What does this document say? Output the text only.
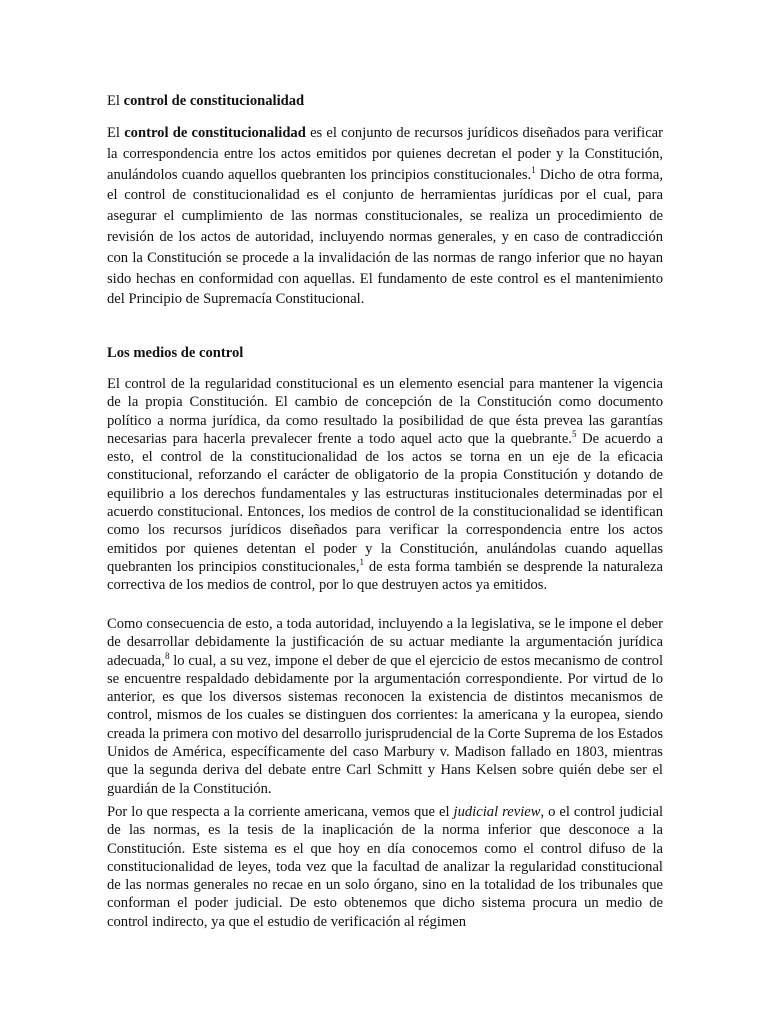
El control de constitucionalidad

El control de constitucionalidad es el conjunto de recursos jurídicos diseñados para verificar la correspondencia entre los actos emitidos por quienes decretan el poder y la Constitución, anulándolos cuando aquellos quebranten los principios constitucionales.$^1$ Dicho de otra forma, el control de constitucionalidad es el conjunto de herramientas jurídicas por el cual, para asegurar el cumplimiento de las normas constitucionales, se realiza un procedimiento de revisión de los actos de autoridad, incluyendo normas generales, y en caso de contradicción con la Constitución se procede a la invalidación de las normas de rango inferior que no hayan sido hechas en conformidad con aquellas. El fundamento de este control es el mantenimiento del Principio de Supremacía Constitucional.

Los medios de control

El control de la regularidad constitucional es un elemento esencial para mantener la vigencia de la propia Constitución. El cambio de concepción de la Constitución como documento político a norma jurídica, da como resultado la posibilidad de que ésta prevea las garantías necesarias para hacerla prevalecer frente a todo aquel acto que la quebrante.$^5$ De acuerdo a esto, el control de la constitucionalidad de los actos se torna en un eje de la eficacia constitucional, reforzando el carácter de obligatorio de la propia Constitución y dotando de equilibrio a los derechos fundamentales y las estructuras institucionales determinadas por el acuerdo constitucional. Entonces, los medios de control de la constitucionalidad se identifican como los recursos jurídicos diseñados para verificar la correspondencia entre los actos emitidos por quienes detentan el poder y la Constitución, anulándolas cuando aquellas quebranten los principios constitucionales,$^1$ de esta forma también se desprende la naturaleza correctiva de los medios de control, por lo que destruyen actos ya emitidos.

Como consecuencia de esto, a toda autoridad, incluyendo a la legislativa, se le impone el deber de desarrollar debidamente la justificación de su actuar mediante la argumentación jurídica adecuada,$^8$ lo cual, a su vez, impone el deber de que el ejercicio de estos mecanismo de control se encuentre respaldado debidamente por la argumentación correspondiente. Por virtud de lo anterior, es que los diversos sistemas reconocen la existencia de distintos mecanismos de control, mismos de los cuales se distinguen dos corrientes: la americana y la europea, siendo creada la primera con motivo del desarrollo jurisprudencial de la Corte Suprema de los Estados Unidos de América, específicamente del caso Marbury v. Madison fallado en 1803, mientras que la segunda deriva del debate entre Carl Schmitt y Hans Kelsen sobre quién debe ser el guardián de la Constitución.

Por lo que respecta a la corriente americana, vemos que el judicial review, o el control judicial de las normas, es la tesis de la inaplicación de la norma inferior que desconoce a la Constitución. Este sistema es el que hoy en día conocemos como el control difuso de la constitucionalidad de leyes, toda vez que la facultad de analizar la regularidad constitucional de las normas generales no recae en un solo órgano, sino en la totalidad de los tribunales que conforman el poder judicial. De esto obtenemos que dicho sistema procura un medio de control indirecto, ya que el estudio de verificación al régimen
